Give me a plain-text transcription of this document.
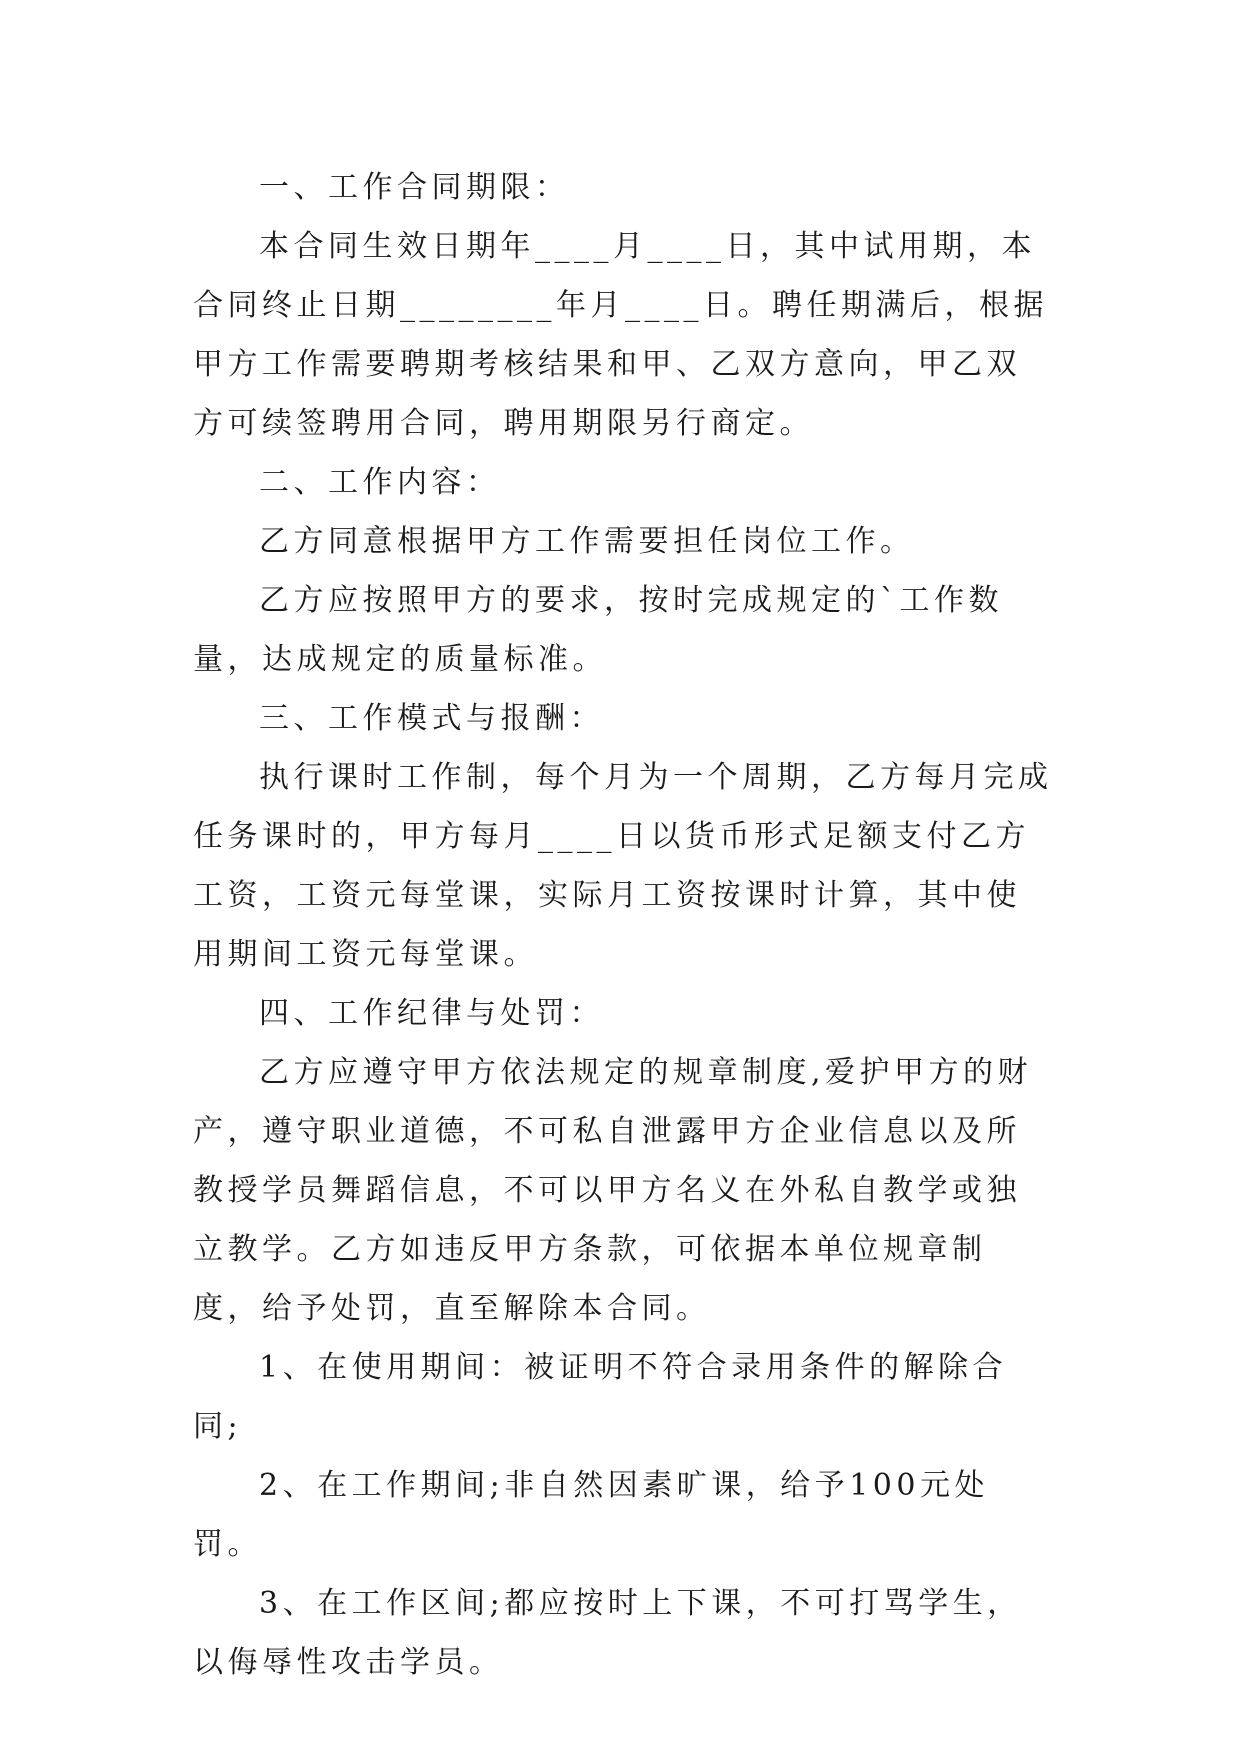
一、工作合同期限：

本合同生效日期年____月____日，其中试用期，本合同终止日期________年月____日。聘任期满后，根据甲方工作需要聘期考核结果和甲、乙双方意向，甲乙双方可续签聘用合同，聘用期限另行商定。

二、工作内容：

乙方同意根据甲方工作需要担任岗位工作。

乙方应按照甲方的要求，按时完成规定的`工作数量，达成规定的质量标准。

三、工作模式与报酬：

执行课时工作制，每个月为一个周期，乙方每月完成任务课时的，甲方每月____日以货币形式足额支付乙方工资，工资元每堂课，实际月工资按课时计算，其中使用期间工资元每堂课。

四、工作纪律与处罚：

乙方应遵守甲方依法规定的规章制度,爱护甲方的财产，遵守职业道德，不可私自泄露甲方企业信息以及所教授学员舞蹈信息，不可以甲方名义在外私自教学或独立教学。乙方如违反甲方条款，可依据本单位规章制度，给予处罚，直至解除本合同。

1、在使用期间：被证明不符合录用条件的解除合同;

2、在工作期间;非自然因素旷课，给予100元处罚。

3、在工作区间;都应按时上下课，不可打骂学生，以侮辱性攻击学员。
